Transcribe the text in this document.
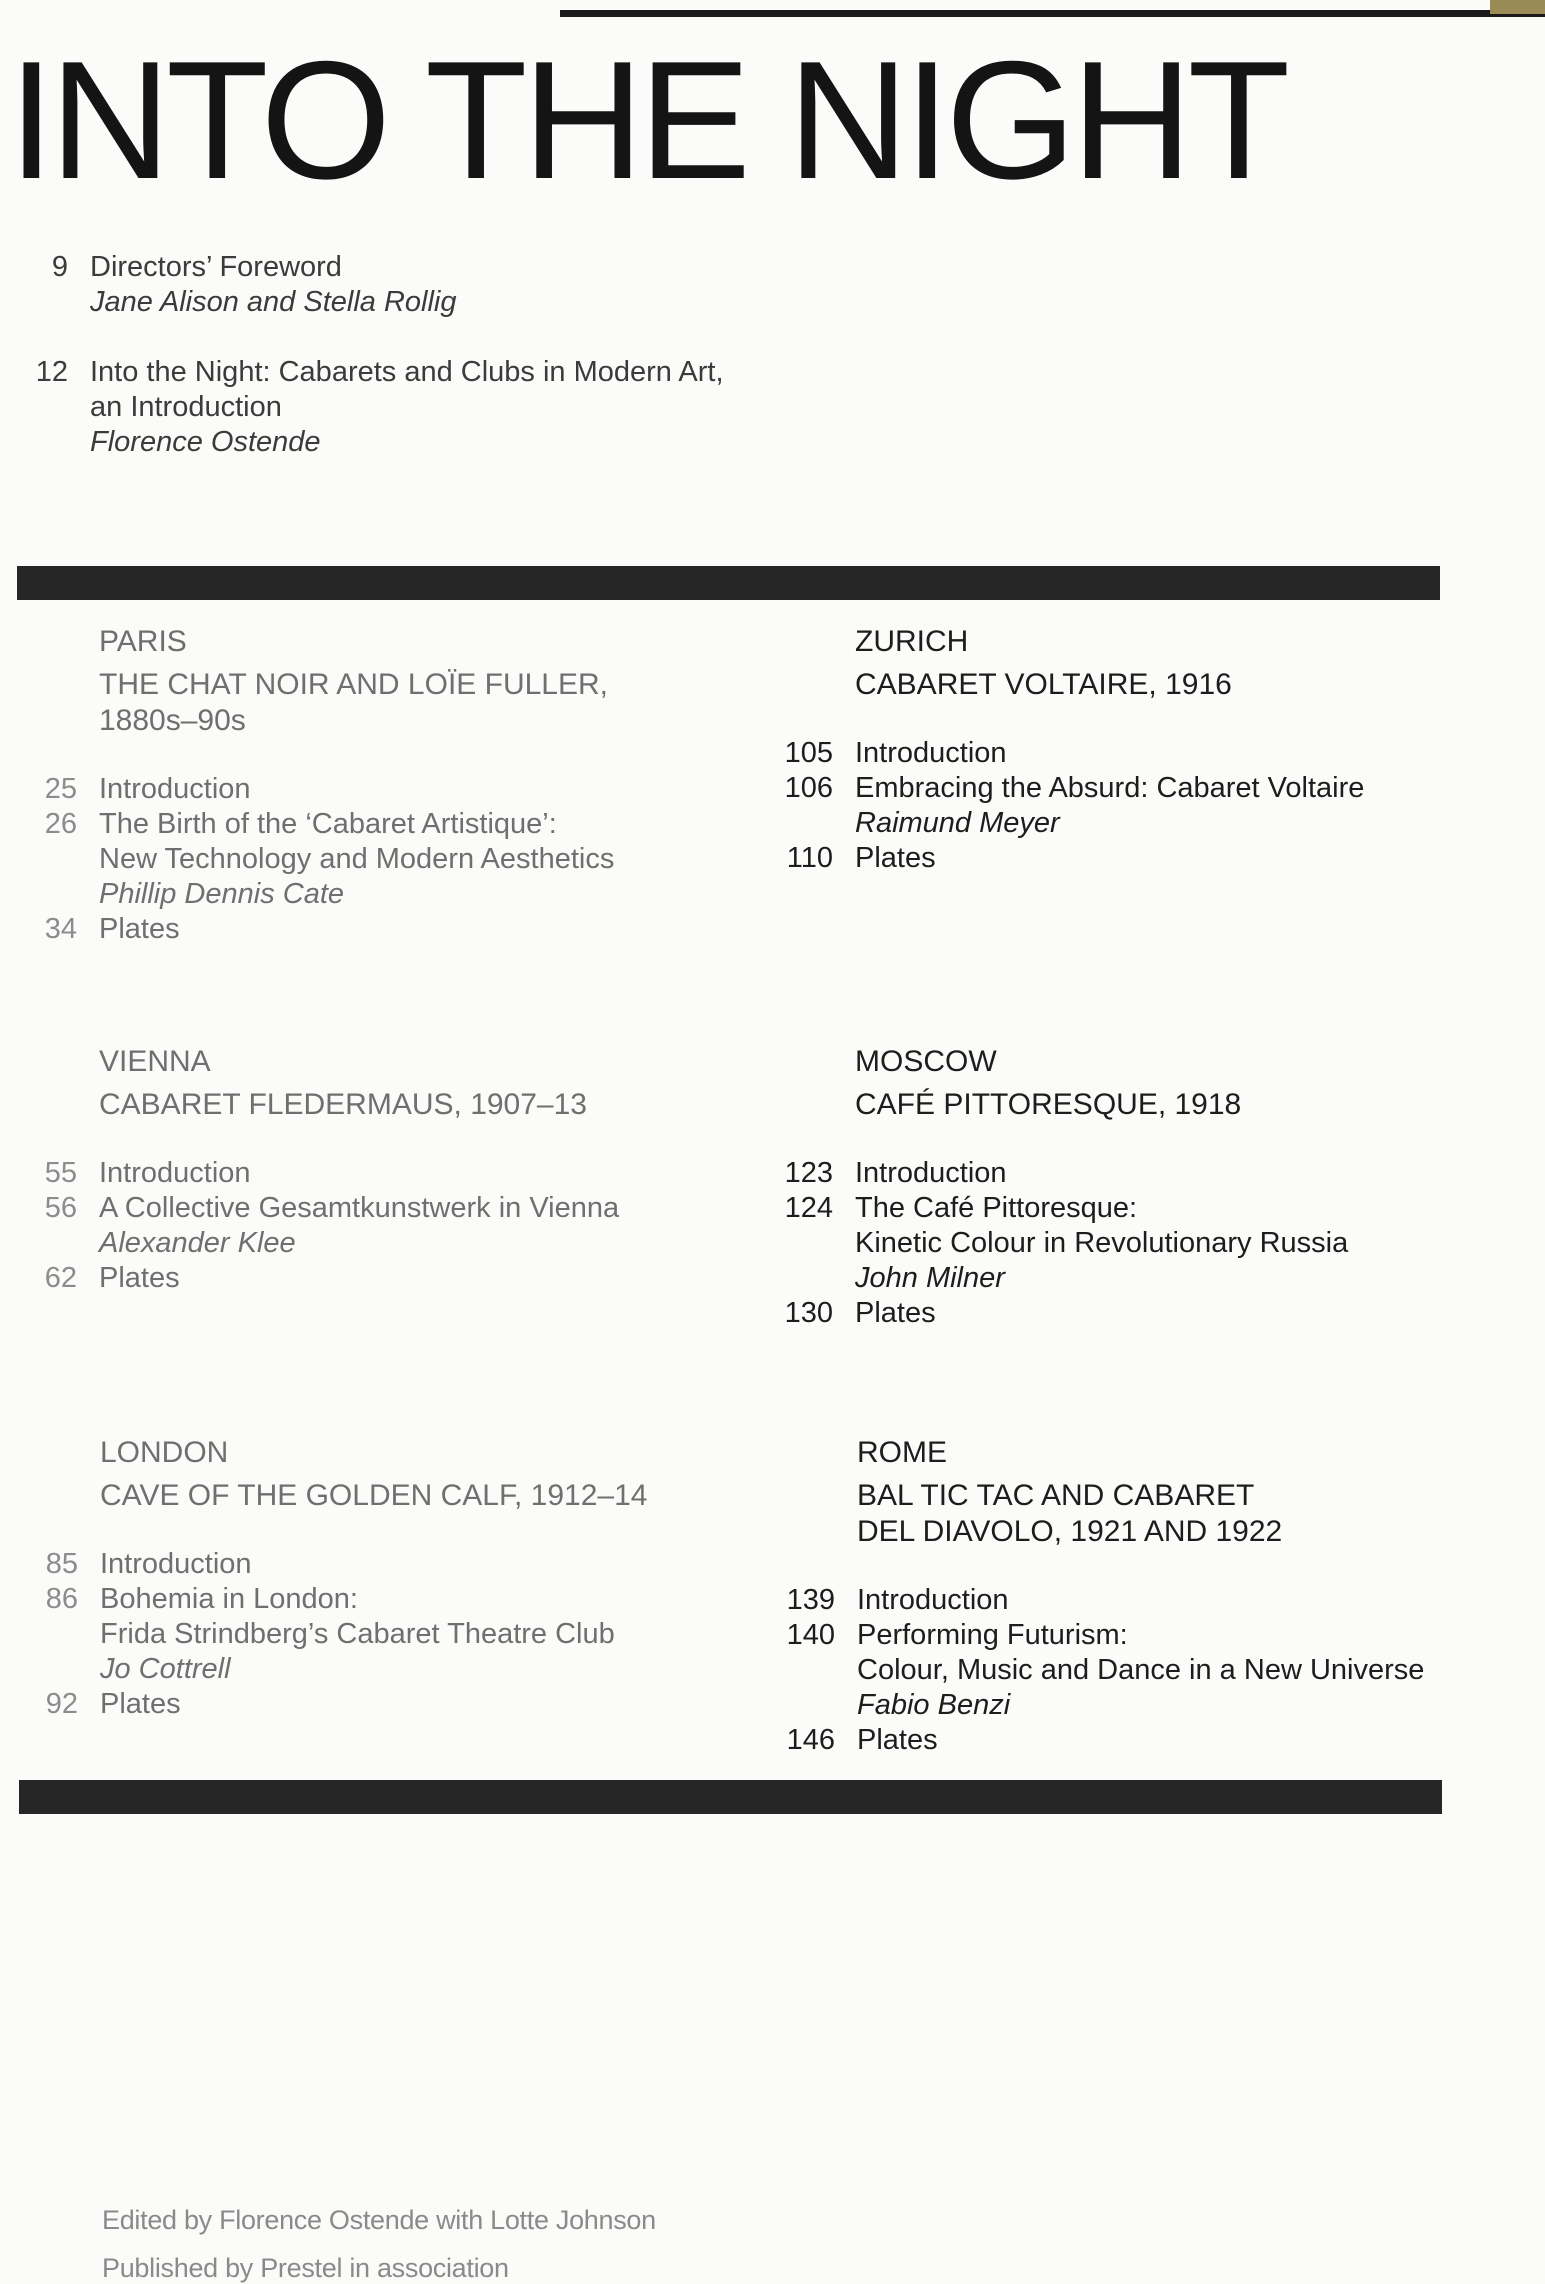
INTO THE NIGHT
9 Directors’ Foreword
Jane Alison and Stella Rollig
12 Into the Night: Cabarets and Clubs in Modern Art,
an Introduction
Florence Ostende
PARIS
THE CHAT NOIR AND LOÏE FULLER,
1880s–90s
25 Introduction
26 The Birth of the ‘Cabaret Artistique’:
New Technology and Modern Aesthetics
Phillip Dennis Cate
34 Plates
ZURICH
CABARET VOLTAIRE, 1916
105 Introduction
106 Embracing the Absurd: Cabaret Voltaire
Raimund Meyer
110 Plates
VIENNA
CABARET FLEDERMAUS, 1907–13
55 Introduction
56 A Collective Gesamtkunstwerk in Vienna
Alexander Klee
62 Plates
MOSCOW
CAFÉ PITTORESQUE, 1918
123 Introduction
124 The Café Pittoresque:
Kinetic Colour in Revolutionary Russia
John Milner
130 Plates
LONDON
CAVE OF THE GOLDEN CALF, 1912–14
85 Introduction
86 Bohemia in London:
Frida Strindberg’s Cabaret Theatre Club
Jo Cottrell
92 Plates
ROME
BAL TIC TAC AND CABARET
DEL DIAVOLO, 1921 AND 1922
139 Introduction
140 Performing Futurism:
Colour, Music and Dance in a New Universe
Fabio Benzi
146 Plates
Edited by Florence Ostende with Lotte Johnson
Published by Prestel in association
